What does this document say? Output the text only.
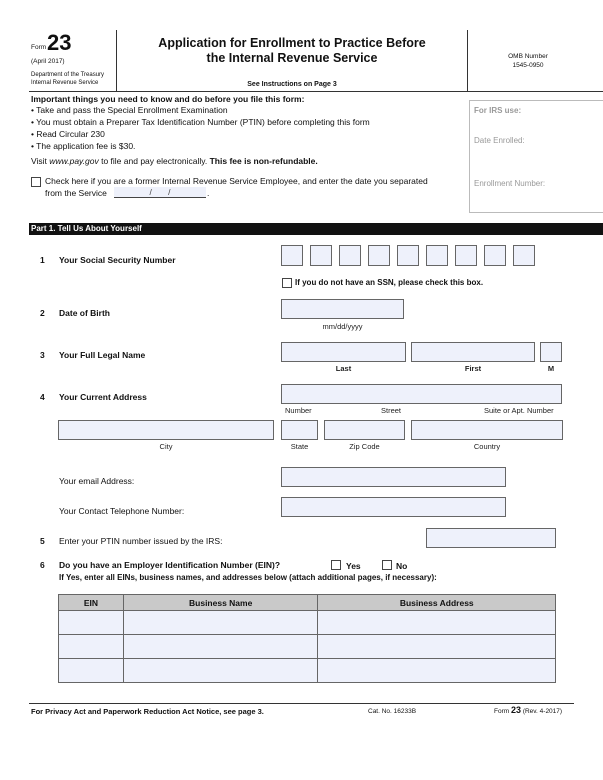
Form 23
(April 2017)
Department of the Treasury
Internal Revenue Service
Application for Enrollment to Practice Before
the Internal Revenue Service
See Instructions on Page 3
OMB Number
1545-0950
Important things you need to know and do before you file this form:
• Take and pass the Special Enrollment Examination
• You must obtain a Preparer Tax Identification Number (PTIN) before completing this form
• Read Circular 230
• The application fee is $30.
Visit www.pay.gov to file and pay electronically. This fee is non-refundable.
Check here if you are a former Internal Revenue Service Employee, and enter the date you separated
from the Service	/ /	.
For IRS use:
Date Enrolled:
Enrollment Number:
Part 1. Tell Us About Yourself
1 Your Social Security Number
If you do not have an SSN, please check this box.
2 Date of Birth
mm/dd/yyyy
3 Your Full Legal Name
Last	First	M
4 Your Current Address
Number	Street	Suite or Apt. Number
City	State	Zip Code	Country
Your email Address:
Your Contact Telephone Number:
5 Enter your PTIN number issued by the IRS:
6 Do you have an Employer Identification Number (EIN)?	Yes	No
If Yes, enter all EINs, business names, and addresses below (attach additional pages, if necessary):
EIN	Business Name	Business Address

For Privacy Act and Paperwork Reduction Act Notice, see page 3.	Cat. No. 16233B	Form 23 (Rev. 4-2017)
